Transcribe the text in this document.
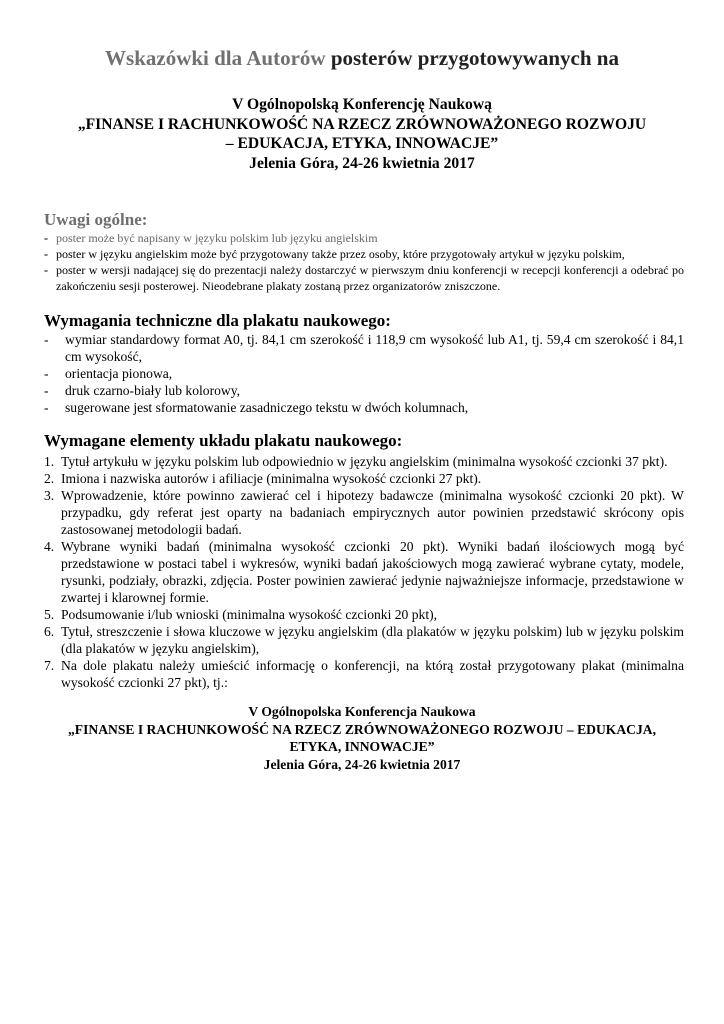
Wskazówki dla Autorów posterów przygotowywanych na
V Ogólnopolską Konferencję Naukową
„FINANSE I RACHUNKOWOŚĆ NA RZECZ ZRÓWNOWAŻONEGO ROZWOJU
– EDUKACJA, ETYKA, INNOWACJE”
Jelenia Góra, 24-26 kwietnia 2017
Uwagi ogólne:
- poster może być napisany w języku polskim lub języku angielskim
- poster w języku angielskim może być przygotowany także przez osoby, które przygotowały artykuł w języku polskim,
- poster w wersji nadającej się do prezentacji należy dostarczyć w pierwszym dniu konferencji w recepcji konferencji a odebrać po zakończeniu sesji posterowej. Nieodebrane plakaty zostaną przez organizatorów zniszczone.
Wymagania techniczne dla plakatu naukowego:
- wymiar standardowy format A0, tj. 84,1 cm szerokość i 118,9 cm wysokość lub A1, tj. 59,4 cm szerokość i 84,1 cm wysokość,
- orientacja pionowa,
- druk czarno-biały lub kolorowy,
- sugerowane jest sformatowanie zasadniczego tekstu w dwóch kolumnach,
Wymagane elementy układu plakatu naukowego:
1. Tytuł artykułu w języku polskim lub odpowiednio w języku angielskim (minimalna wysokość czcionki 37 pkt).
2. Imiona i nazwiska autorów i afiliacje (minimalna wysokość czcionki 27 pkt).
3. Wprowadzenie, które powinno zawierać cel i hipotezy badawcze (minimalna wysokość czcionki 20 pkt). W przypadku, gdy referat jest oparty na badaniach empirycznych autor powinien przedstawić skrócony opis zastosowanej metodologii badań.
4. Wybrane wyniki badań (minimalna wysokość czcionki 20 pkt). Wyniki badań ilościowych mogą być przedstawione w postaci tabel i wykresów, wyniki badań jakościowych mogą zawierać wybrane cytaty, modele, rysunki, podziały, obrazki, zdjęcia. Poster powinien zawierać jedynie najważniejsze informacje, przedstawione w zwartej i klarownej formie.
5. Podsumowanie i/lub wnioski (minimalna wysokość czcionki 20 pkt),
6. Tytuł, streszczenie i słowa kluczowe w języku angielskim (dla plakatów w języku polskim) lub w języku polskim (dla plakatów w języku angielskim),
7. Na dole plakatu należy umieścić informację o konferencji, na którą został przygotowany plakat (minimalna wysokość czcionki 27 pkt), tj.:
V Ogólnopolska Konferencja Naukowa
„FINANSE I RACHUNKOWOŚĆ NA RZECZ ZRÓWNOWAŻONEGO ROZWOJU – EDUKACJA,
ETYKA, INNOWACJE”
Jelenia Góra, 24-26 kwietnia 2017
